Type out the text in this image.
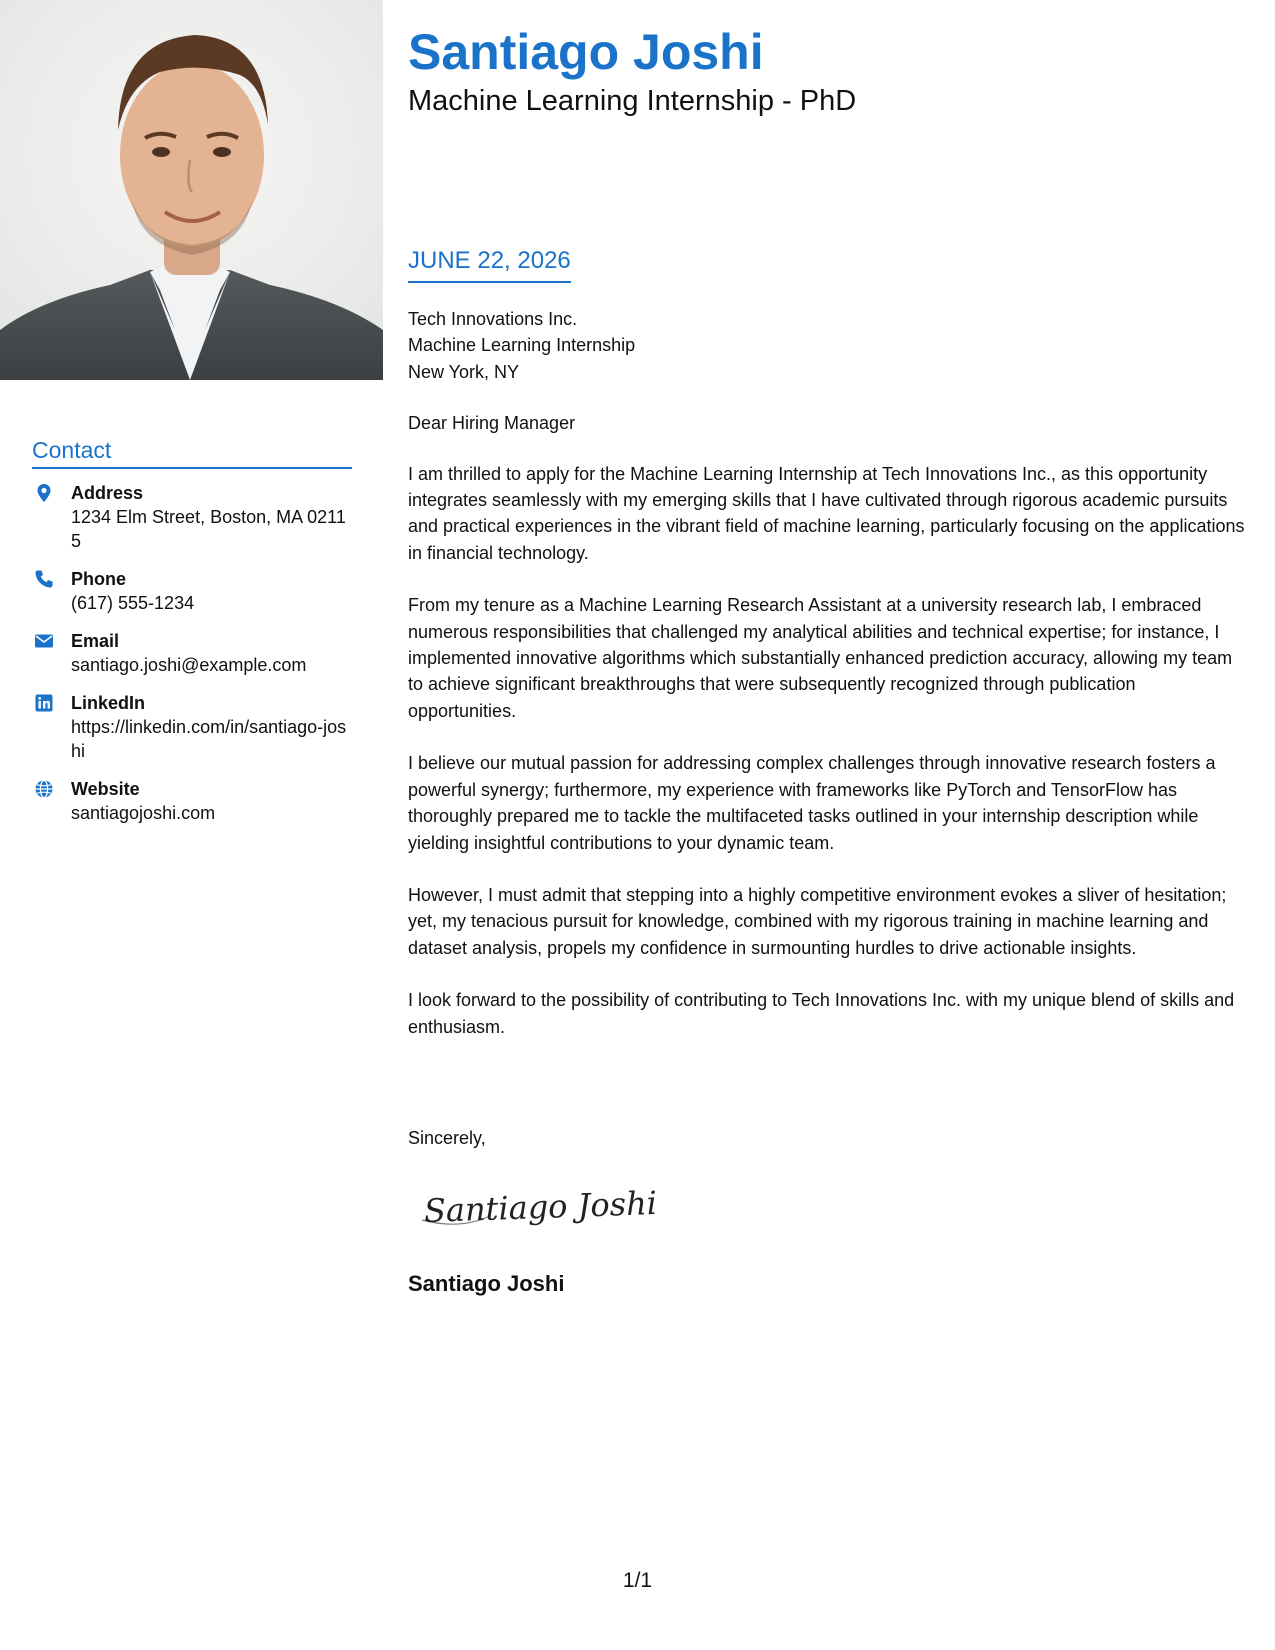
Contact
Address
1234 Elm Street, Boston, MA 02115
Phone
(617) 555-1234
Email
santiago.joshi@example.com
LinkedIn
https://linkedin.com/in/santiago-joshi
Website
santiagojoshi.com
Santiago Joshi
Machine Learning Internship - PhD
JUNE 22, 2026
Tech Innovations Inc.
Machine Learning Internship
New York, NY
Dear Hiring Manager

I am thrilled to apply for the Machine Learning Internship at Tech Innovations Inc., as this opportunity integrates seamlessly with my emerging skills that I have cultivated through rigorous academic pursuits and practical experiences in the vibrant field of machine learning, particularly focusing on the applications in financial technology.

From my tenure as a Machine Learning Research Assistant at a university research lab, I embraced numerous responsibilities that challenged my analytical abilities and technical expertise; for instance, I implemented innovative algorithms which substantially enhanced prediction accuracy, allowing my team to achieve significant breakthroughs that were subsequently recognized through publication opportunities.

I believe our mutual passion for addressing complex challenges through innovative research fosters a powerful synergy; furthermore, my experience with frameworks like PyTorch and TensorFlow has thoroughly prepared me to tackle the multifaceted tasks outlined in your internship description while yielding insightful contributions to your dynamic team.

However, I must admit that stepping into a highly competitive environment evokes a sliver of hesitation; yet, my tenacious pursuit for knowledge, combined with my rigorous training in machine learning and dataset analysis, propels my confidence in surmounting hurdles to drive actionable insights.

I look forward to the possibility of contributing to Tech Innovations Inc. with my unique blend of skills and enthusiasm.

Sincerely,
Santiago Joshi
Santiago Joshi
1/1
